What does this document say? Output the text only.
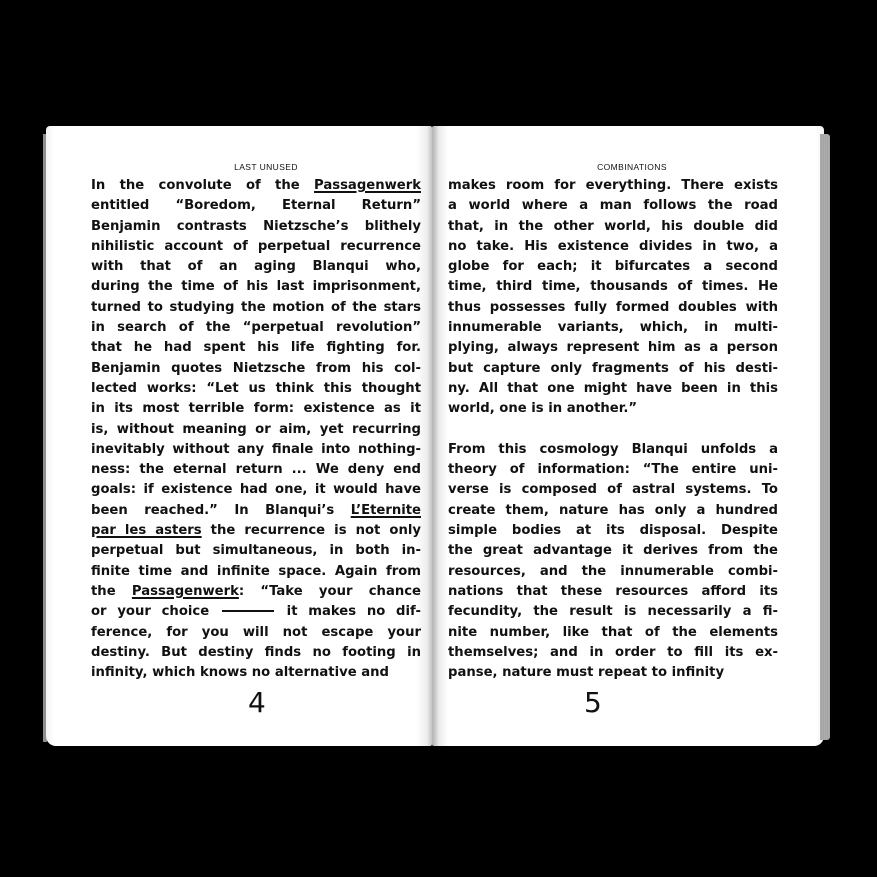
LAST UNUSED
In the convolute of the Passagenwerk
entitled “Boredom, Eternal Return”
Benjamin contrasts Nietzsche’s blithely
nihilistic account of perpetual recurrence
with that of an aging Blanqui who,
during the time of his last imprisonment,
turned to studying the motion of the stars
in search of the “perpetual revolution”
that he had spent his life fighting for.
Benjamin quotes Nietzsche from his col-
lected works: “Let us think this thought
in its most terrible form: existence as it
is, without meaning or aim, yet recurring
inevitably without any finale into nothing-
ness: the eternal return ... We deny end
goals: if existence had one, it would have
been reached.” In Blanqui’s L’Eternite
par les asters the recurrence is not only
perpetual but simultaneous, in both in-
finite time and infinite space. Again from
the Passagenwerk: “Take your chance
or your choice	it makes no dif-
ference, for you will not escape your
destiny. But destiny finds no footing in
infinity, which knows no alternative and
4
COMBINATIONS
makes room for everything. There exists
a world where a man follows the road
that, in the other world, his double did
no take. His existence divides in two, a
globe for each; it bifurcates a second
time, third time, thousands of times. He
thus possesses fully formed doubles with
innumerable variants, which, in multi-
plying, always represent him as a person
but capture only fragments of his desti-
ny. All that one might have been in this
world, one is in another.”
From this cosmology Blanqui unfolds a
theory of information: “The entire uni-
verse is composed of astral systems. To
create them, nature has only a hundred
simple bodies at its disposal. Despite
the great advantage it derives from the
resources, and the innumerable combi-
nations that these resources afford its
fecundity, the result is necessarily a fi-
nite number, like that of the elements
themselves; and in order to fill its ex-
panse, nature must repeat to infinity
5
